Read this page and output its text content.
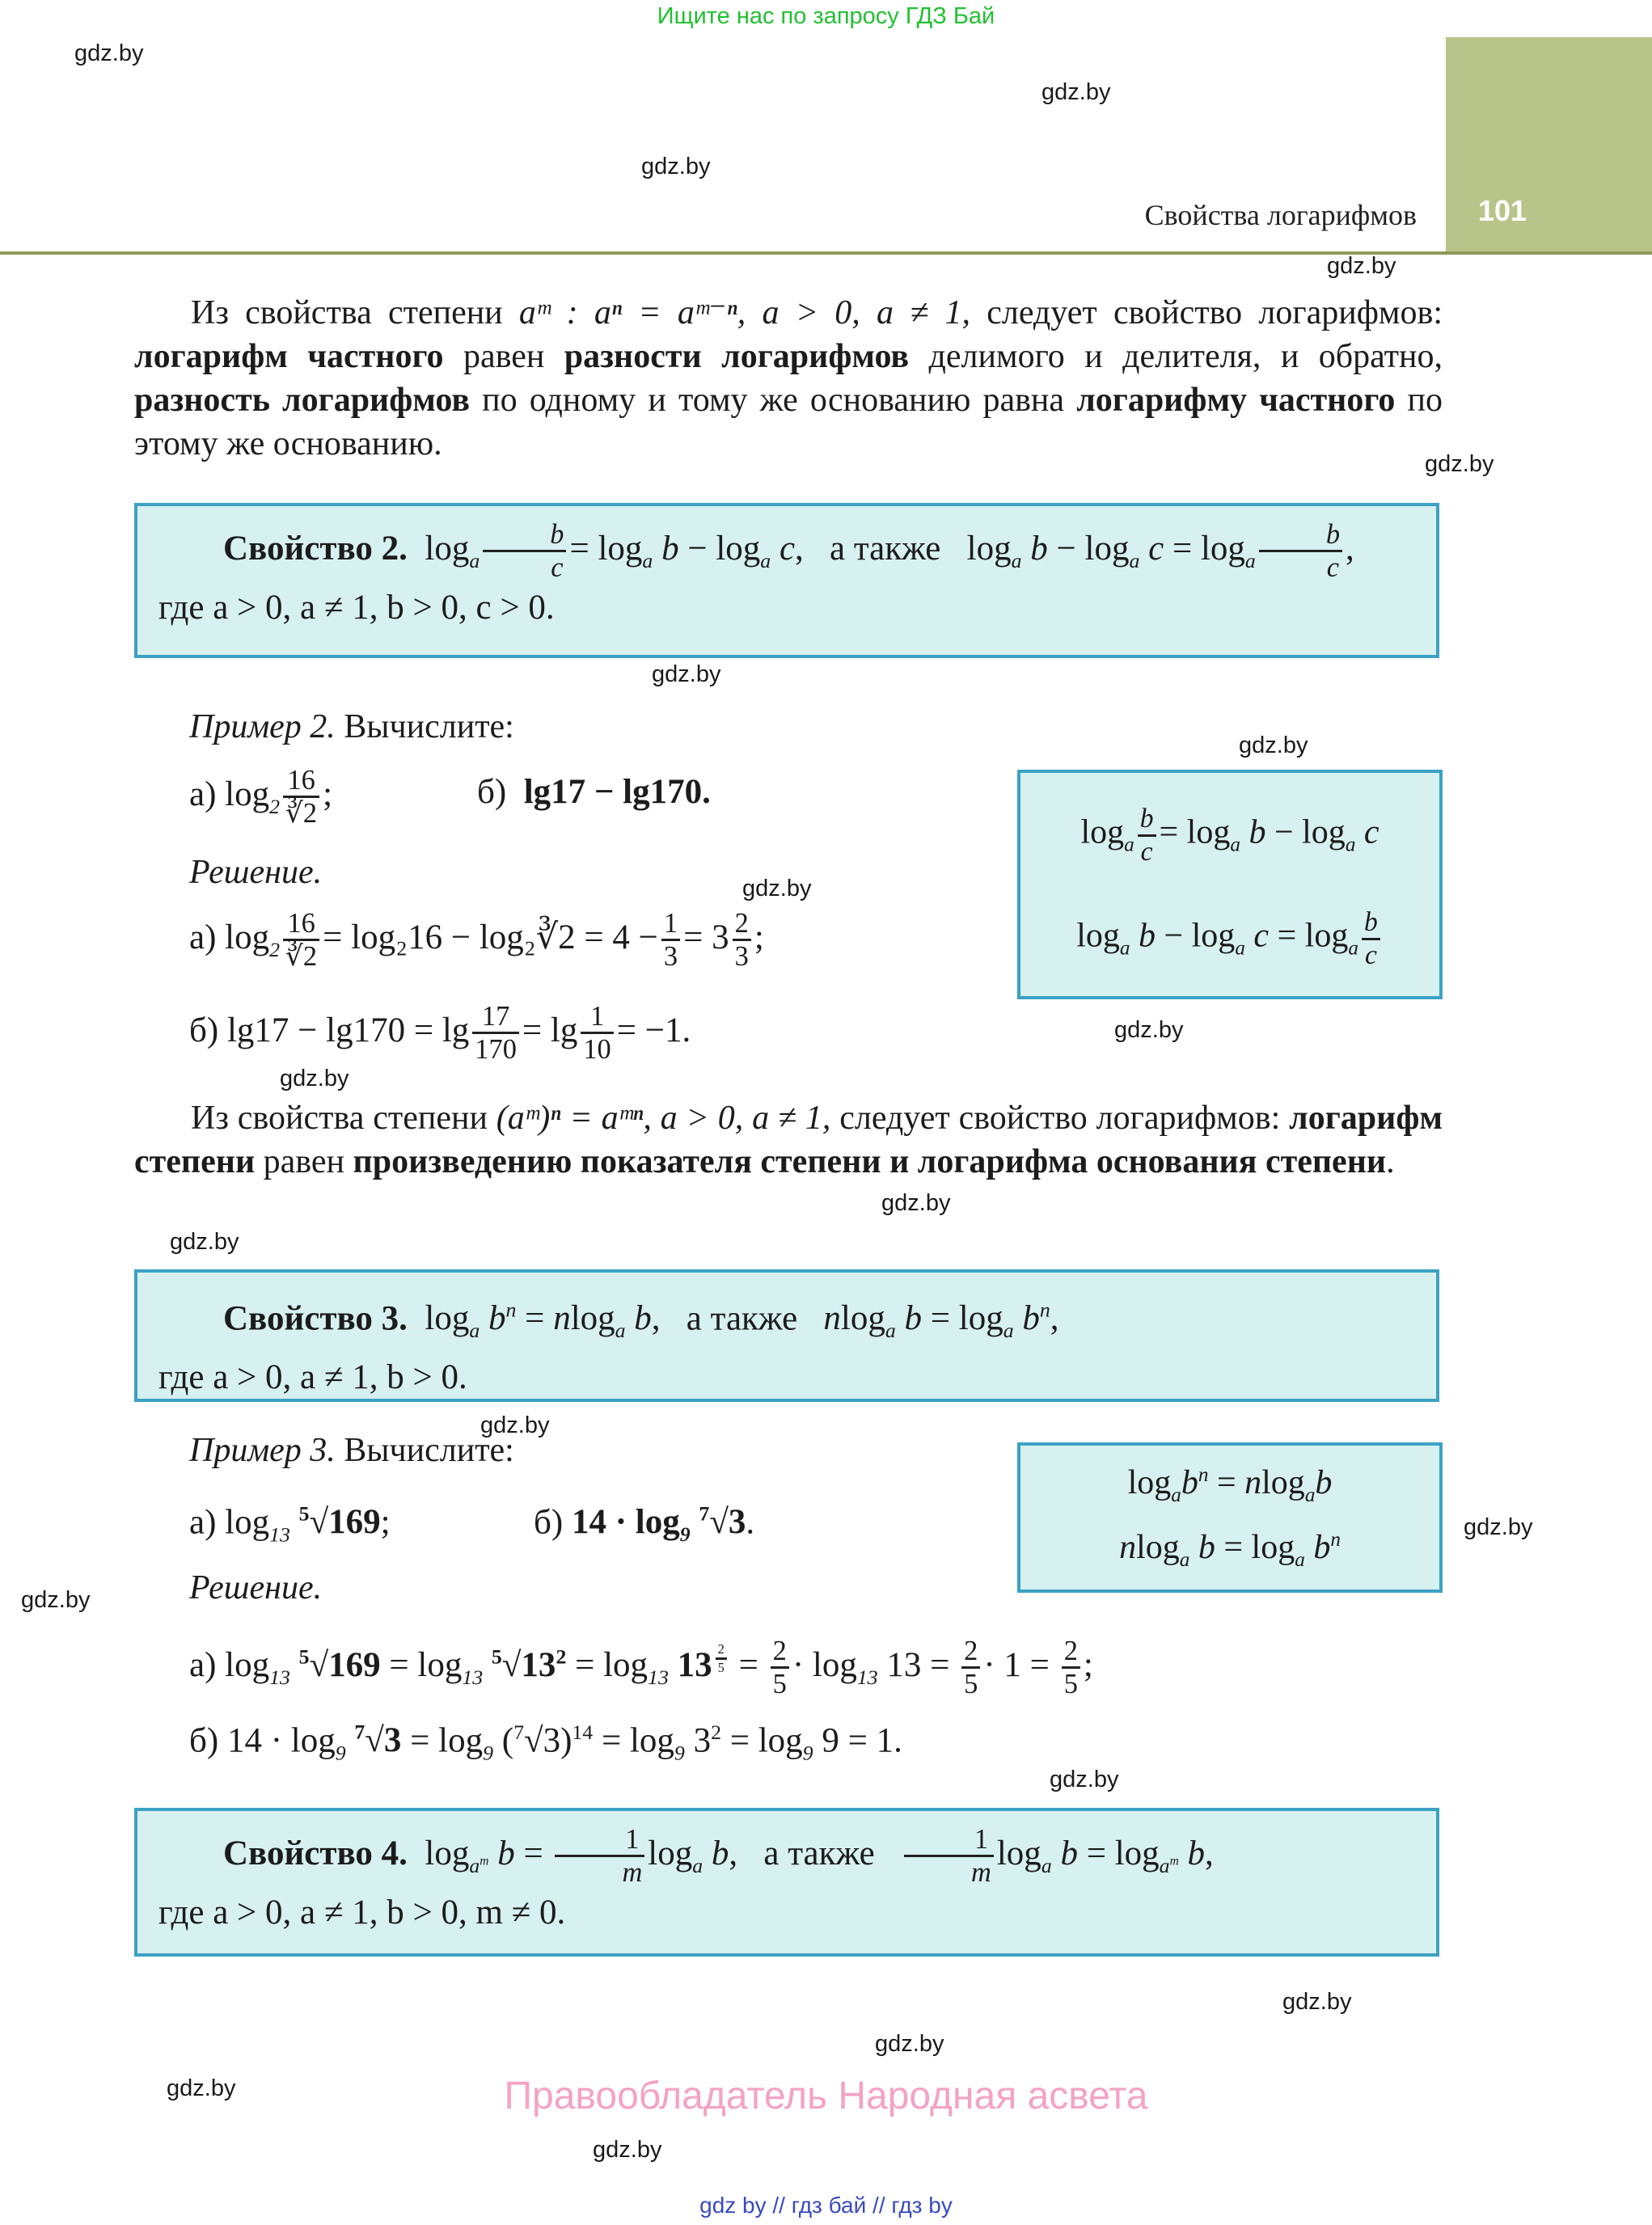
Ищите нас по запросу ГДЗ Бай
101
Свойства логарифмов
gdz.by
gdz.by
gdz.by
gdz.by
gdz.by
gdz.by
gdz.by
gdz.by
gdz.by
gdz.by
gdz.by
gdz.by
gdz.by
gdz.by
gdz.by
gdz.by
gdz.by
gdz.by
gdz.by
gdz.by

Из свойства степени aᵐ : aⁿ = aᵐ⁻ⁿ, a > 0, a ≠ 1, следует свойство логарифмов: логарифм частного равен разности логарифмов делимого и делителя, и обратно, разность логарифмов по одному и тому же основанию равна логарифму частного по этому же основанию.

Свойство 2.  $\log_a \frac{b}{c} = \log_a b - \log_a c$,   а также   $\log_a b - \log_a c = \log_a \frac{b}{c}$ ,
где a > 0, a ≠ 1, b > 0, c > 0.
Пример 2. Вычислите:
а) $\log_2 \frac{16}{∛2}$ ;	б) lg17 − lg170.
$\log_a \frac{b}{c} = \log_a b - \log_a c$
$\log_a b - \log_a c = \log_a \frac{b}{c}$
Решение.
а) $\log_2 \frac{16}{∛2} = \log_216$ − log₂∛2 = $4 - \frac{1}{3} = 3 \frac{2}{3}$ ;
б) $\lg 17 - \lg 170 = \lg \frac{17}{170} = \lg \frac{1}{10} = -1$.

Из свойства степени (aᵐ)ⁿ = aᵐⁿ, a > 0, a ≠ 1, следует свойство логарифмов: логарифм степени равен произведению показателя степени и логарифма основания степени.

Свойство 3.  $\log_a b^n = nlog_a$ b,   а также nlog$_a$ $b = \log_a b^n$,
где a > 0, a ≠ 1, b > 0.
Пример 3. Вычислите:
а) $\log_{13} ^5√169$;	б) $14 \cdot \log_9 ^7√3$.
$\log_ab^n = nlog_ab$
nlog$_a$ $b = \log_a b^n$
Решение.
а) $\log_{13} ^5√169 = \log_{13} ^5√13^2 = \log_{13} 13$ $^{\frac{2}{5}} = \frac{2}{5} \cdot \log_{13} 13 = \frac{2}{5} \cdot 1 = \frac{2}{5}$ ;
б) $14 \cdot \log_9 ^7√3 = \log_9 (^7√3)^{14} = \log_9 3^2 = \log_9 9 = 1$.
Свойство 4.  $\log_{a^m} b = \frac{1}{m} \log_a b$,   а также $\frac{1}{m} \log_a b = \log_{a^m} b$,
где a > 0, a ≠ 1, b > 0, m ≠ 0.
Правообладатель Народная асвета
gdz by // гдз бай // гдз by
